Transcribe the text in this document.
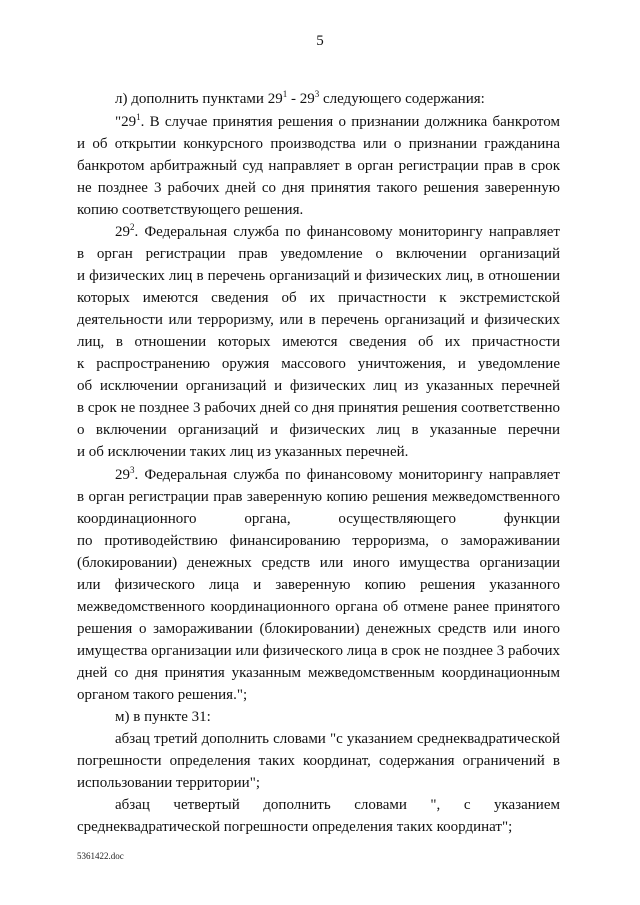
5
л) дополнить пунктами $29^1 - 29^3$ следующего содержания:
"$29^1$. В случае принятия решения о признании должника банкротом
и об открытии конкурсного производства или о признании гражданина
банкротом арбитражный суд направляет в орган регистрации прав в срок
не позднее 3 рабочих дней со дня принятия такого решения заверенную
копию соответствующего решения.
$29^2$. Федеральная служба по финансовому мониторингу направляет
в орган регистрации прав уведомление о включении организаций
и физических лиц в перечень организаций и физических лиц, в отношении
которых имеются сведения об их причастности к экстремистской
деятельности или терроризму, или в перечень организаций и физических
лиц, в отношении которых имеются сведения об их причастности
к распространению оружия массового уничтожения, и уведомление
об исключении организаций и физических лиц из указанных перечней
в срок не позднее 3 рабочих дней со дня принятия решения соответственно
о включении организаций и физических лиц в указанные перечни
и об исключении таких лиц из указанных перечней.
$29^3$. Федеральная служба по финансовому мониторингу направляет
в орган регистрации прав заверенную копию решения межведомственного
координационного органа, осуществляющего функции
по противодействию финансированию терроризма, о замораживании
(блокировании) денежных средств или иного имущества организации
или физического лица и заверенную копию решения указанного
межведомственного координационного органа об отмене ранее принятого
решения о замораживании (блокировании) денежных средств или иного
имущества организации или физического лица в срок не позднее 3 рабочих
дней со дня принятия указанным межведомственным координационным
органом такого решения.";
м) в пункте 31:
абзац третий дополнить словами "с указанием среднеквадратической
погрешности определения таких координат, содержания ограничений в
использовании территории";
абзац четвертый дополнить словами ", с указанием
среднеквадратической погрешности определения таких координат";
5361422.doc
